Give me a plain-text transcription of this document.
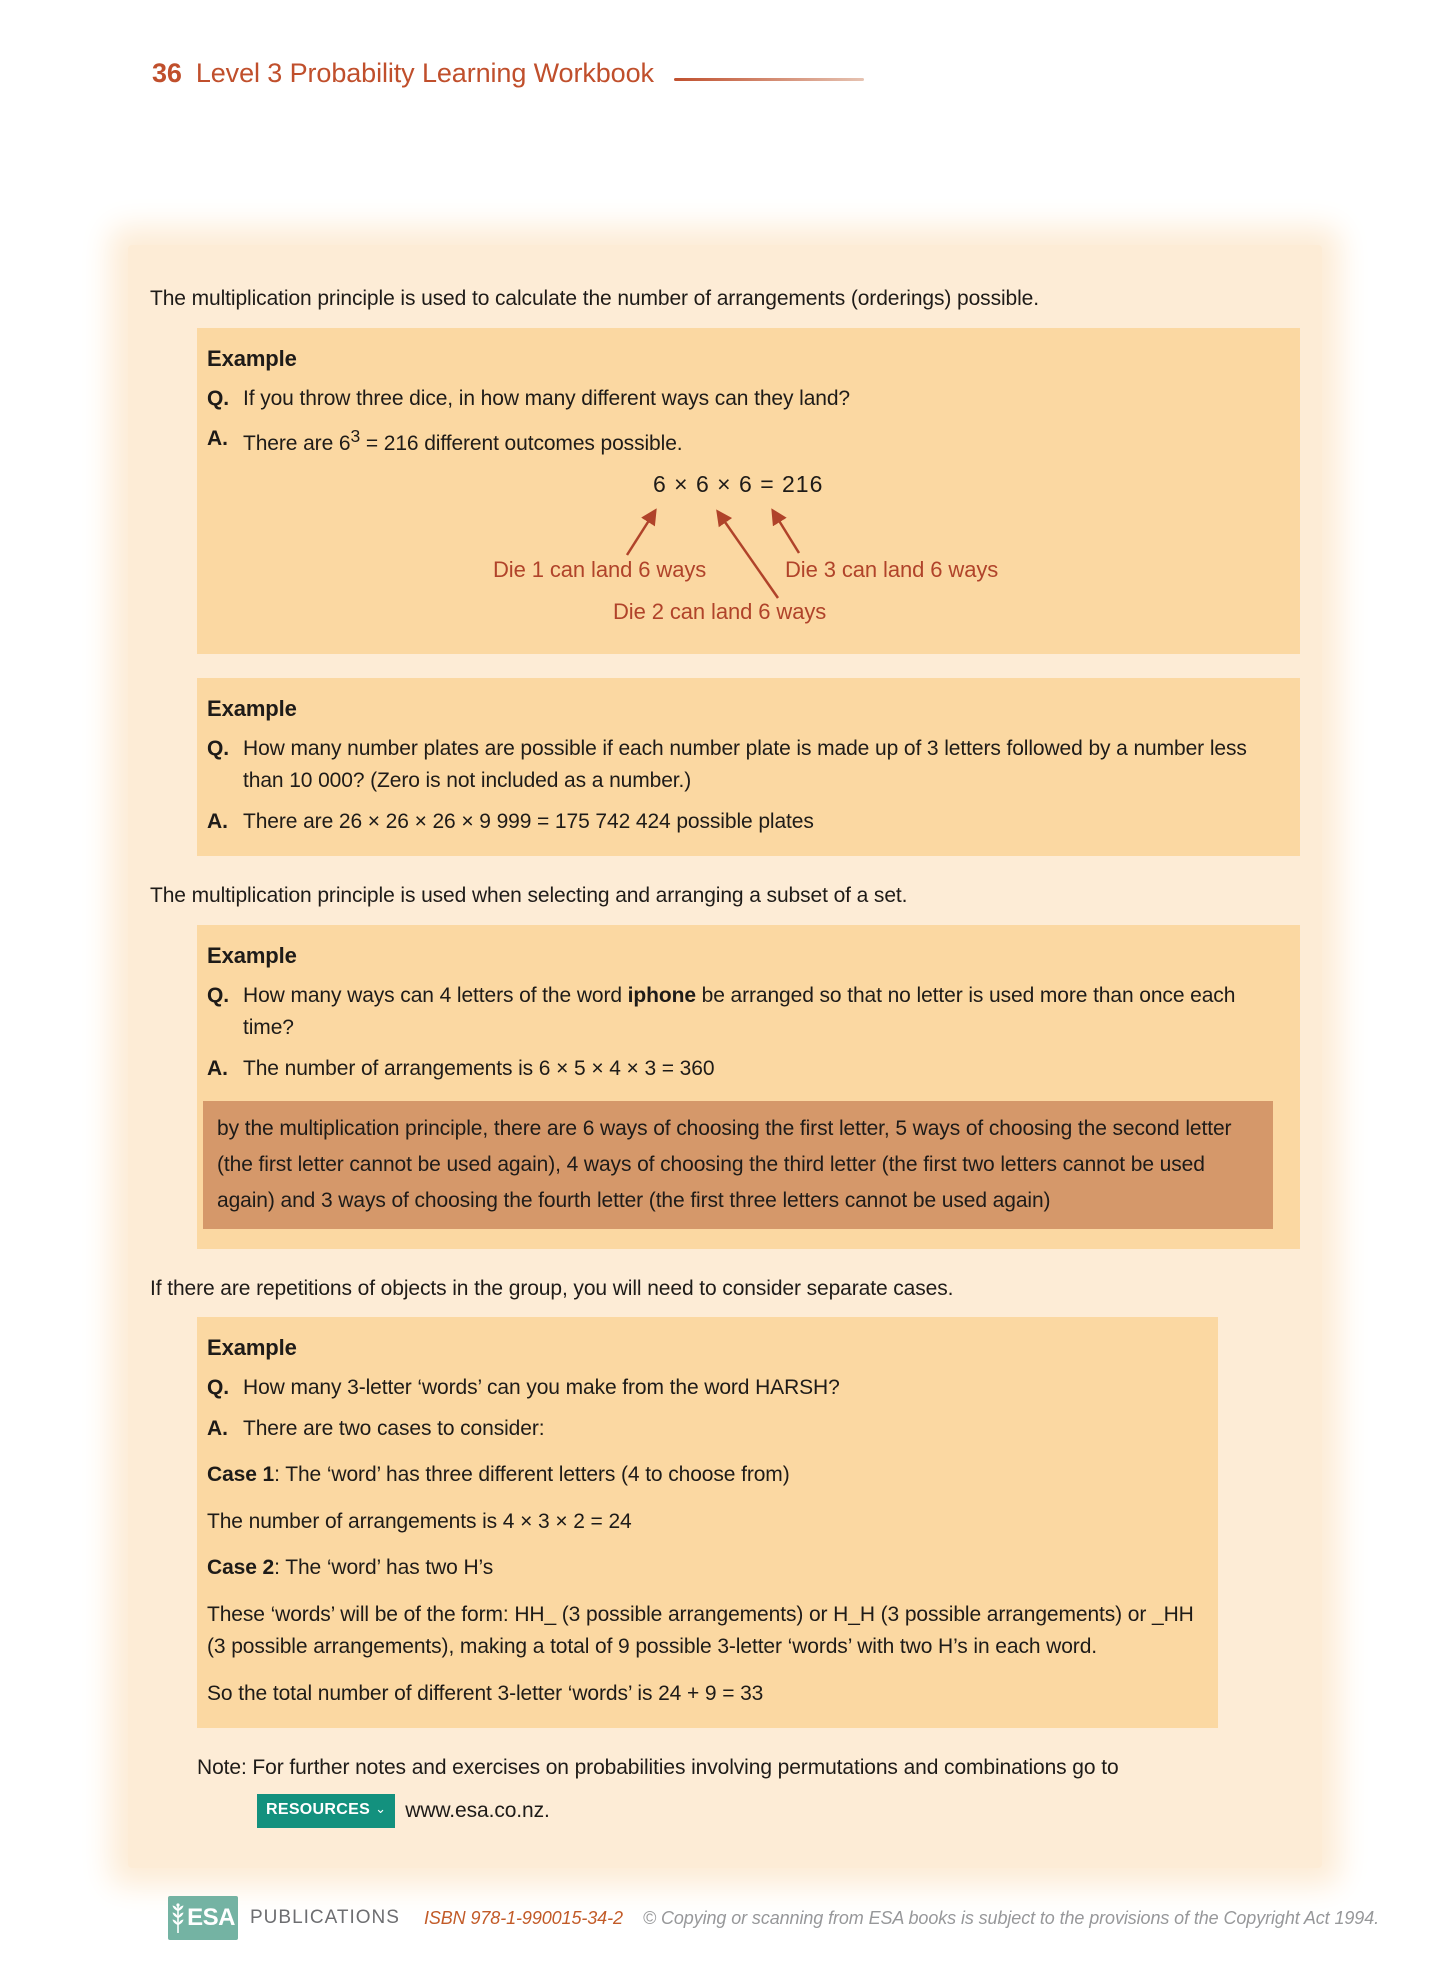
36 Level 3 Probability Learning Workbook

The multiplication principle is used to calculate the number of arrangements (orderings) possible.

Example

Q. If you throw three dice, in how many different ways can they land?
A. There are $6^3 = 216$ different outcomes possible.
6 × 6 × 6 = 216
Die 1 can land 6 ways	Die 3 can land 6 ways
Die 2 can land 6 ways

Example

Q. How many number plates are possible if each number plate is made up of 3 letters followed by a number less than 10 000? (Zero is not included as a number.)
A. There are 26 × 26 × 26 × 9 999 = 175 742 424 possible plates

The multiplication principle is used when selecting and arranging a subset of a set.

Example

Q. How many ways can 4 letters of the word iphone be arranged so that no letter is used more than once each time?
A. The number of arrangements is 6 × 5 × 4 × 3 = 360
by the multiplication principle, there are 6 ways of choosing the first letter, 5 ways of choosing the second letter (the first letter cannot be used again), 4 ways of choosing the third letter (the first two letters cannot be used again) and 3 ways of choosing the fourth letter (the first three letters cannot be used again)

If there are repetitions of objects in the group, you will need to consider separate cases.

Example

Q. How many 3-letter ‘words’ can you make from the word HARSH?
A. There are two cases to consider:

Case 1: The ‘word’ has three different letters (4 to choose from)

The number of arrangements is 4 × 3 × 2 = 24

Case 2: The ‘word’ has two H’s

These ‘words’ will be of the form: HH_ (3 possible arrangements) or H_H (3 possible arrangements) or _HH (3 possible arrangements), making a total of 9 possible 3-letter ‘words’ with two H’s in each word.

So the total number of different 3-letter ‘words’ is 24 + 9 = 33

Note: For further notes and exercises on probabilities involving permutations and combinations go to
RESOURCES ⌄ www.esa.co.nz.
ESA PUBLICATIONS ISBN 978-1-990015-34-2 © Copying or scanning from ESA books is subject to the provisions of the Copyright Act 1994.
